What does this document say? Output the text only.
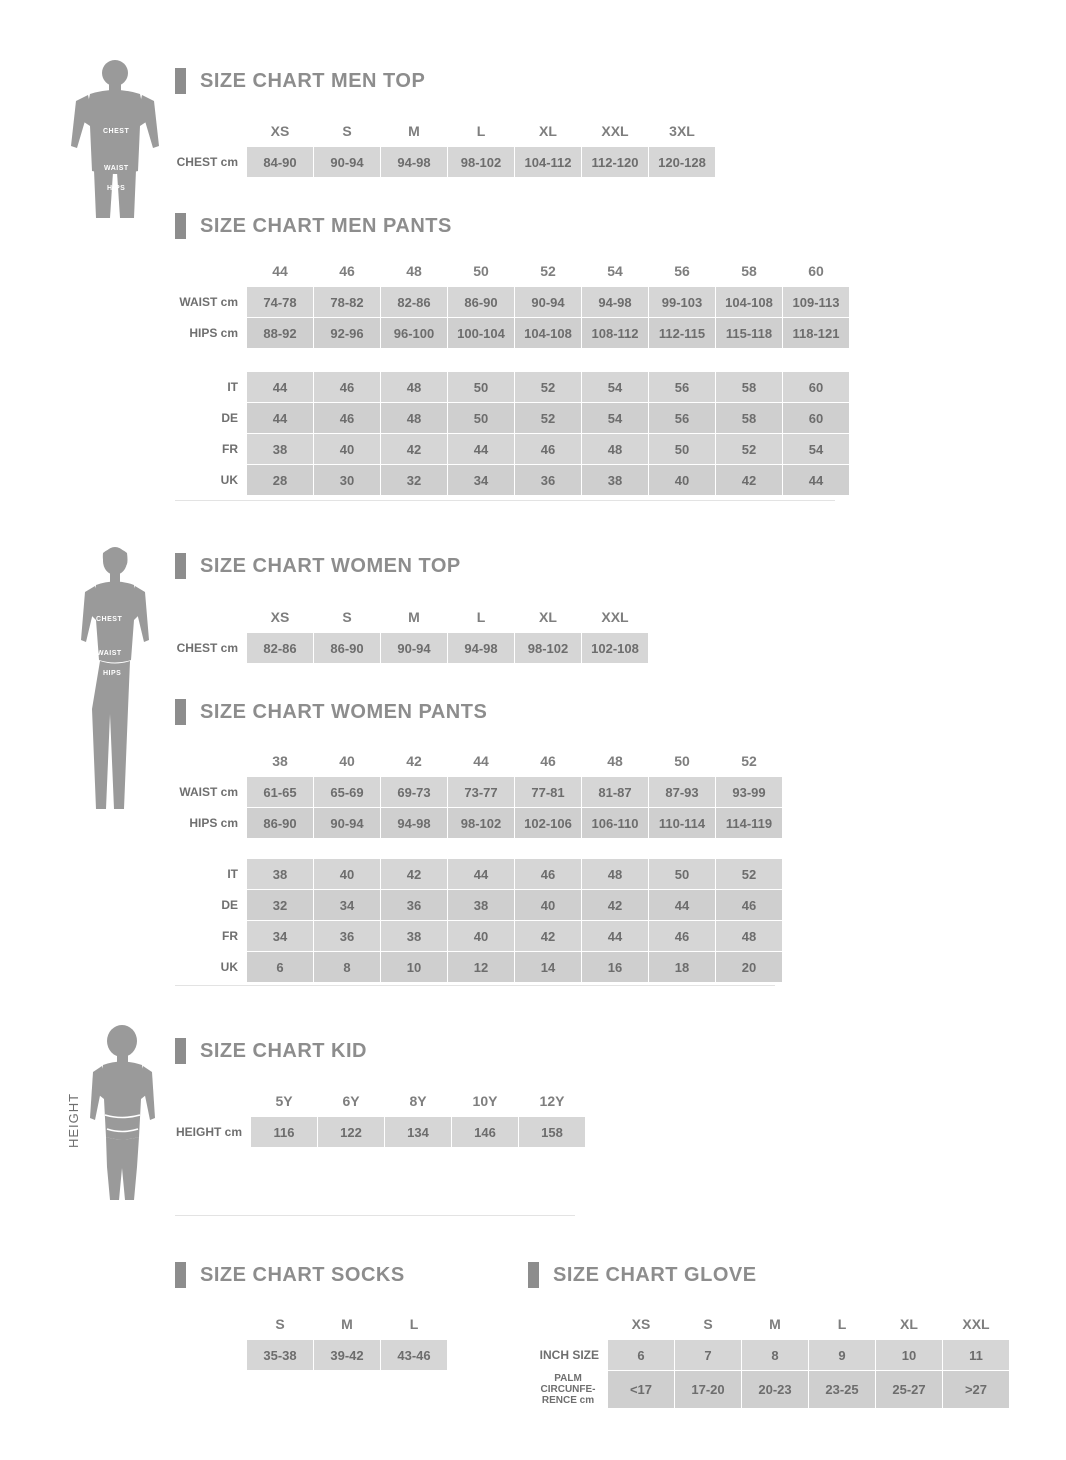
CHEST
WAIST
HIPS
SIZE CHART MEN TOP
	XS	S	M	L	XL	XXL	3XL
CHEST cm	84-90	90-94	94-98	98-102	104-112	112-120	120-128
SIZE CHART MEN PANTS
	44	46	48	50	52	54	56	58	60
WAIST cm	74-78	78-82	82-86	86-90	90-94	94-98	99-103	104-108	109-113
HIPS cm	88-92	92-96	96-100	100-104	104-108	108-112	112-115	115-118	118-121
IT	44	46	48	50	52	54	56	58	60
DE	44	46	48	50	52	54	56	58	60
FR	38	40	42	44	46	48	50	52	54
UK	28	30	32	34	36	38	40	42	44
CHEST
WAIST
HIPS
SIZE CHART WOMEN TOP
	XS	S	M	L	XL	XXL
CHEST cm	82-86	86-90	90-94	94-98	98-102	102-108
SIZE CHART WOMEN PANTS
	38	40	42	44	46	48	50	52
WAIST cm	61-65	65-69	69-73	73-77	77-81	81-87	87-93	93-99
HIPS cm	86-90	90-94	94-98	98-102	102-106	106-110	110-114	114-119
IT	38	40	42	44	46	48	50	52
DE	32	34	36	38	40	42	44	46
FR	34	36	38	40	42	44	46	48
UK	6	8	10	12	14	16	18	20
HEIGHT
SIZE CHART KID
	5Y	6Y	8Y	10Y	12Y
HEIGHT cm	116	122	134	146	158
SIZE CHART SOCKS
	S	M	L
	35-38	39-42	43-46
SIZE CHART GLOVE
	XS	S	M	L	XL	XXL
INCH SIZE	6	7	8	9	10	11
PALM
CIRCUNFE-
RENCE cm	<17	17-20	20-23	23-25	25-27	>27
